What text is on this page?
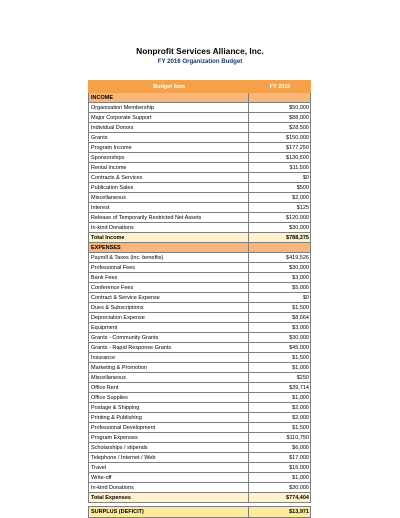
Nonprofit Services Alliance, Inc.
FY 2016 Organization Budget
Budget Item	FY 2016
INCOME	
Organization Membership	$50,000
Major Corporate Support	$88,000
Individual Donors	$28,500
Grants	$150,000
Program Income	$177,250
Sponsorships	$130,500
Rental Income	$11,500
Contracts & Services	$0
Publication Sales	$500
Miscellaneous	$2,000
Interest	$125
Release of Temporarily Restricted Net Assets	$120,000
In-kind Donations	$30,000
Total Income	$788,375
EXPENSES	
Payroll & Taxes (inc. benefits)	$419,526
Professional Fees	$30,000
Bank Fees	$3,000
Conference Fees	$5,000
Contract & Service Expense	$0
Dues & Subscriptions	$1,500
Depreciation Expense	$8,664
Equipment	$3,000
Grants - Community Grants	$30,000
Grants - Rapid Response Grants	$45,000
Insurance	$1,500
Marketing & Promotion	$1,000
Miscellaneous	$250
Office Rent	$39,714
Office Supplies	$1,000
Postage & Shipping	$2,000
Printing & Publishing	$2,000
Professional Development	$1,500
Program Expenses	$110,750
Scholarships / stipends	$6,000
Telephone / Internet / Web	$17,000
Travel	$15,000
Write-off	$1,000
In-kind Donations	$30,000
Total Expenses	$774,404

SURPLUS (DEFICIT)	$13,971
